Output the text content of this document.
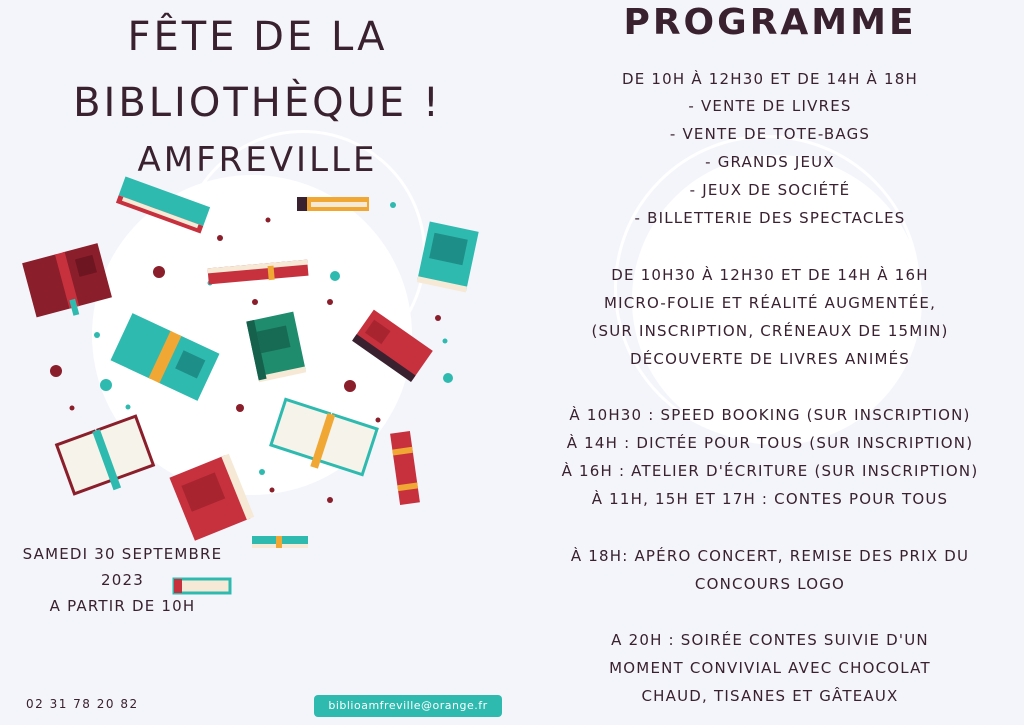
FÊTE DE LA
BIBLIOTHÈQUE !
AMFREVILLE
SAMEDI 30 SEPTEMBRE
2023
A PARTIR DE 10H
02 31 78 20 82	biblioamfreville@orange.fr
PROGRAMME
DE 10H À 12H30 ET DE 14H À 18H
- VENTE DE LIVRES
- VENTE DE TOTE-BAGS
- GRANDS JEUX
- JEUX DE SOCIÉTÉ
- BILLETTERIE DES SPECTACLES
DE 10H30 À 12H30 ET DE 14H À 16H
MICRO-FOLIE ET RÉALITÉ AUGMENTÉE,
(SUR INSCRIPTION, CRÉNEAUX DE 15MIN)
DÉCOUVERTE DE LIVRES ANIMÉS
À 10H30 : SPEED BOOKING (SUR INSCRIPTION)
À 14H : DICTÉE POUR TOUS (SUR INSCRIPTION)
À 16H : ATELIER D'ÉCRITURE (SUR INSCRIPTION)
À 11H, 15H ET 17H : CONTES POUR TOUS
À 18H: APÉRO CONCERT, REMISE DES PRIX DU
CONCOURS LOGO
A 20H : SOIRÉE CONTES SUIVIE D'UN
MOMENT CONVIVIAL AVEC CHOCOLAT
CHAUD, TISANES ET GÂTEAUX
